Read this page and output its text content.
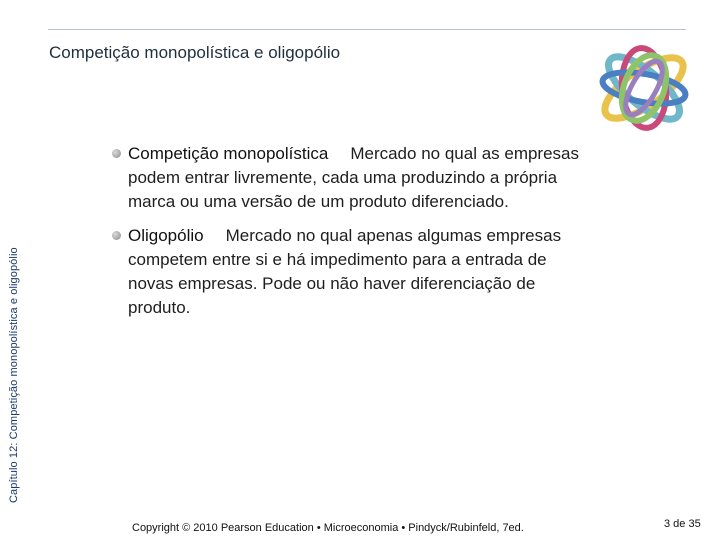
Competição monopolística e oligopólio
Capítulo 12: Competição monopolística e oligopólio
Competição monopolística Mercado no qual as empresas podem entrar livremente, cada uma produzindo a própria marca ou uma versão de um produto diferenciado.
Oligopólio Mercado no qual apenas algumas empresas competem entre si e há impedimento para a entrada de novas empresas. Pode ou não haver diferenciação de produto.
Copyright © 2010 Pearson Education • Microeconomia • Pindyck/Rubinfeld, 7ed.	3 de 35
